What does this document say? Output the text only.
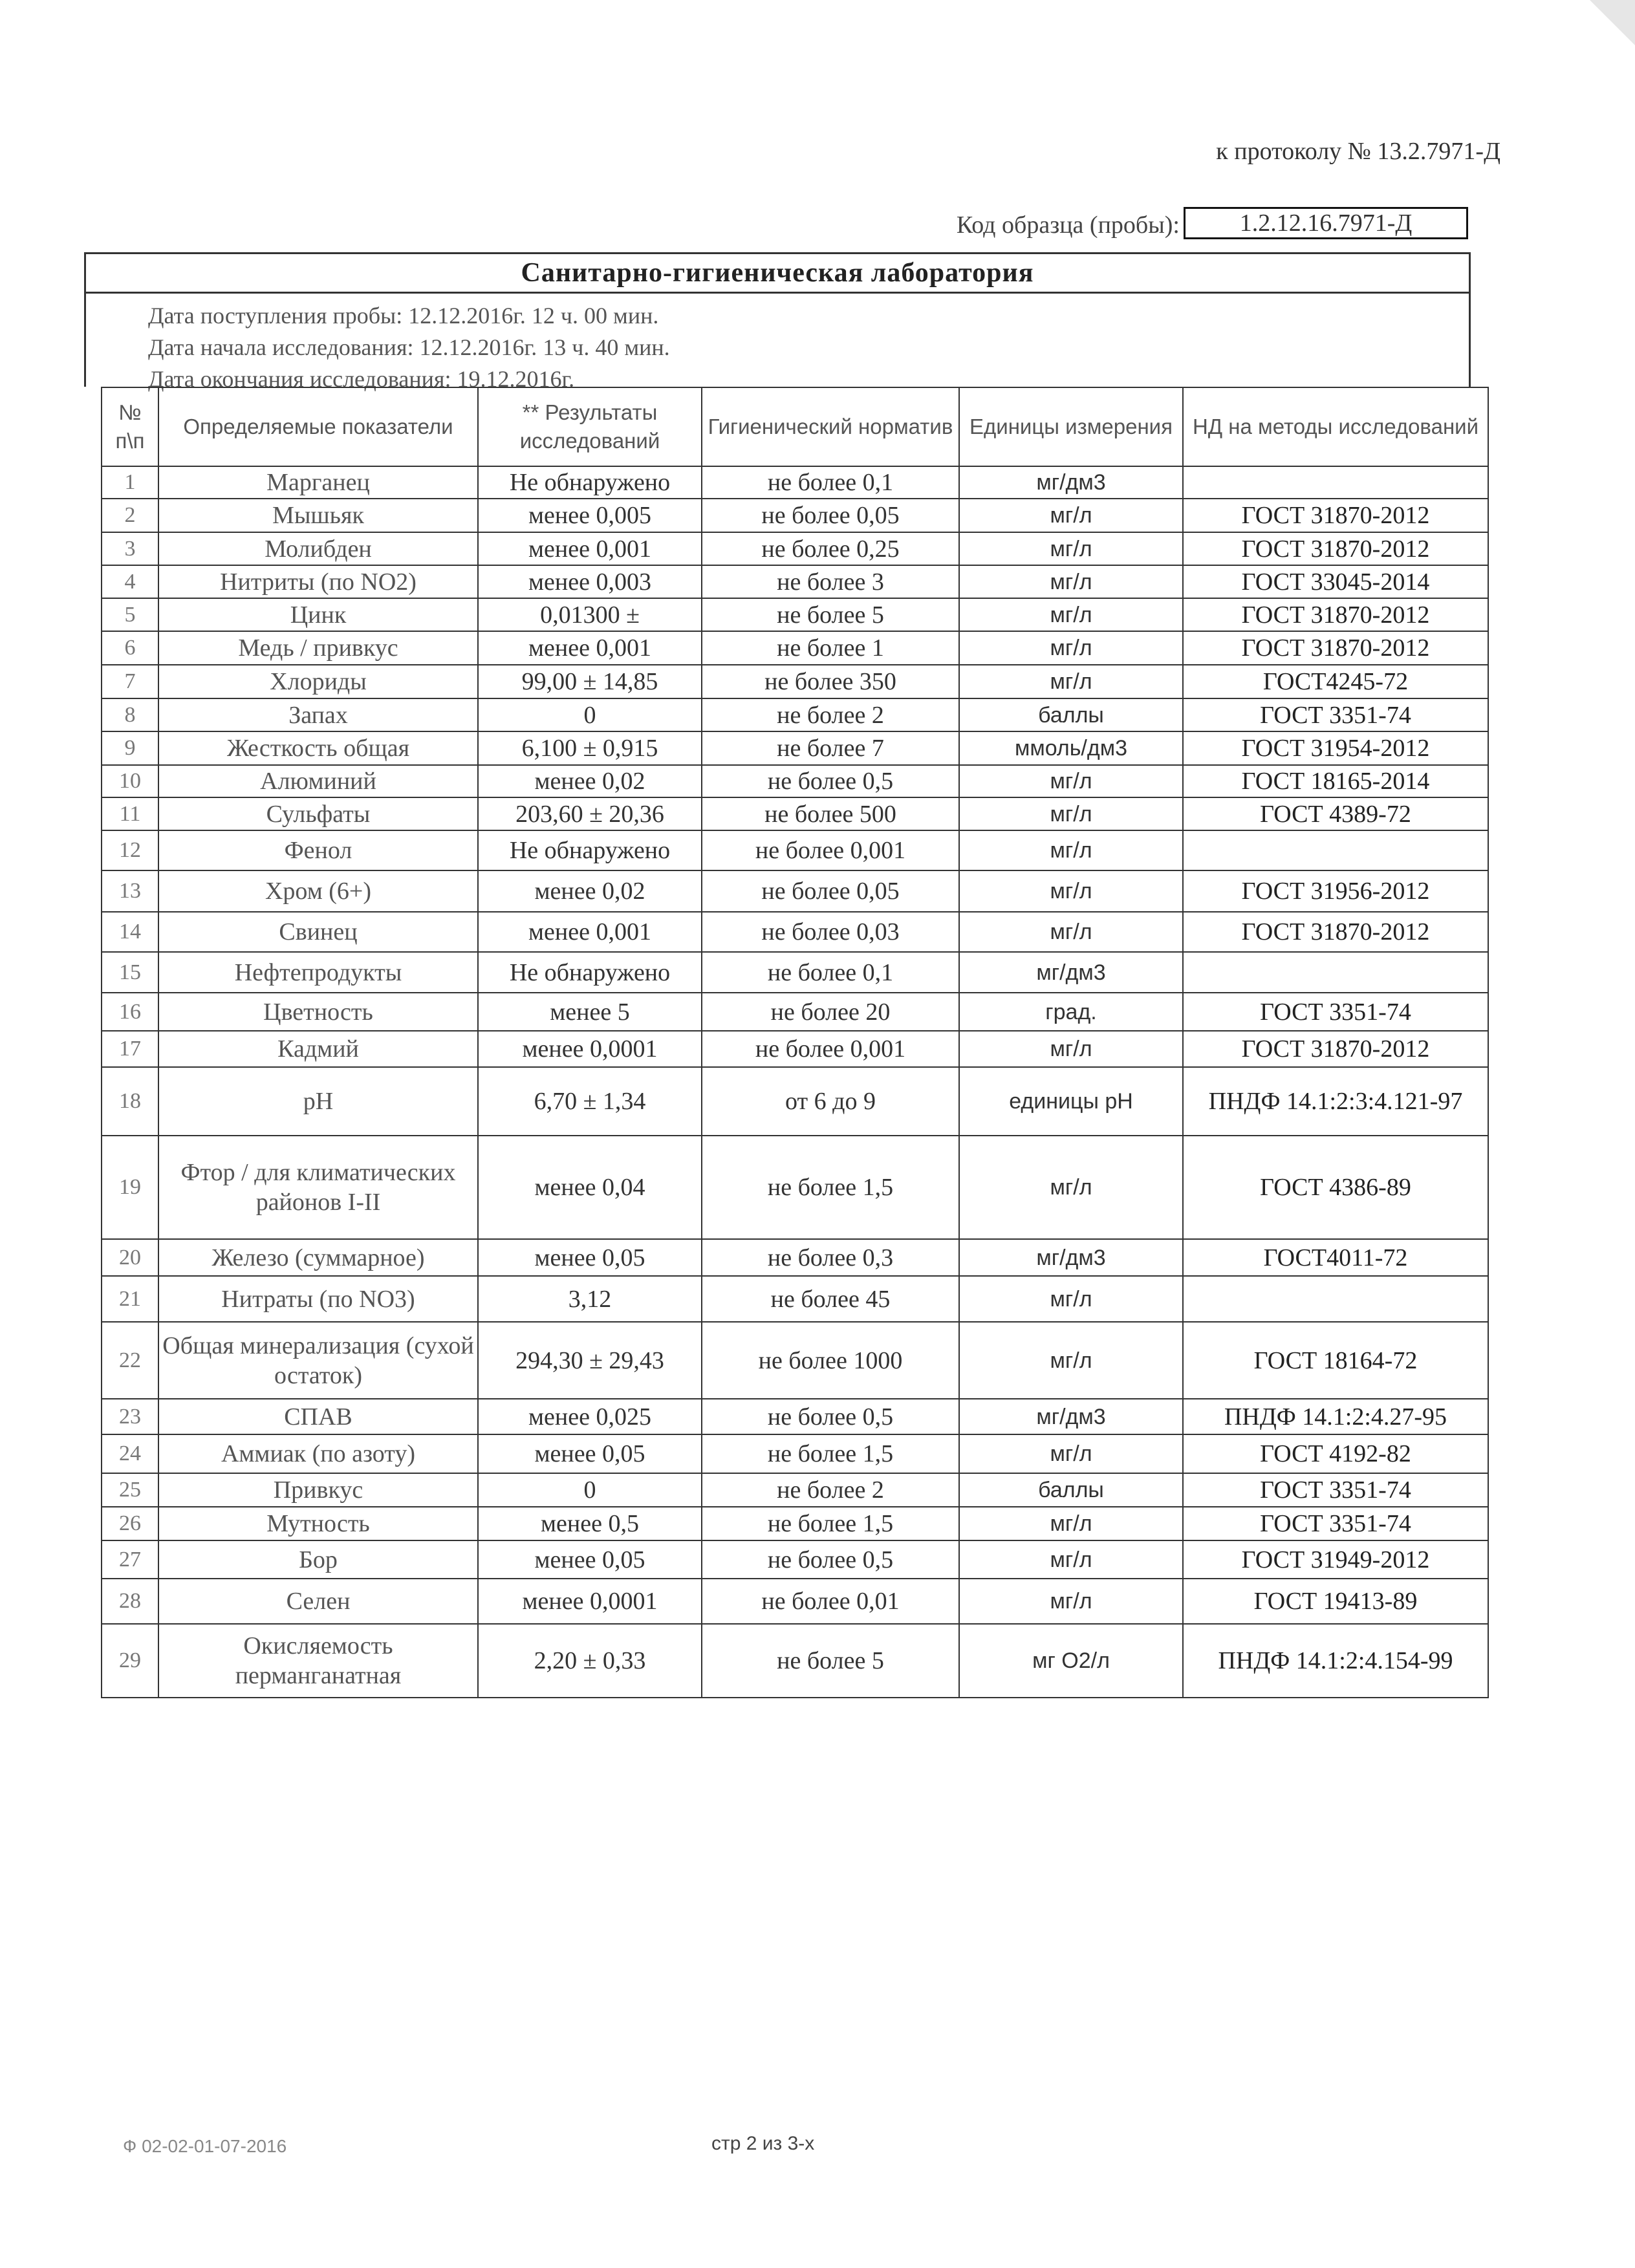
к протоколу № 13.2.7971-Д
Код образца (пробы):	1.2.12.16.7971-Д
Санитарно-гигиеническая лаборатория
Дата поступления пробы: 12.12.2016г. 12 ч. 00 мин.
Дата начала исследования: 12.12.2016г. 13 ч. 40 мин.
Дата окончания исследования: 19.12.2016г.
№ п\п	Определяемые показатели	** Результаты исследований	Гигиенический норматив	Единицы измерения	НД на методы исследований
1	Марганец	Не обнаружено	не более 0,1	мг/дм3	
2	Мышьяк	менее 0,005	не более 0,05	мг/л	ГОСТ 31870-2012
3	Молибден	менее 0,001	не более 0,25	мг/л	ГОСТ 31870-2012
4	Нитриты (по NO2)	менее 0,003	не более 3	мг/л	ГОСТ 33045-2014
5	Цинк	0,01300 ±	не более 5	мг/л	ГОСТ 31870-2012
6	Медь / привкус	менее 0,001	не более 1	мг/л	ГОСТ 31870-2012
7	Хлориды	99,00 ± 14,85	не более 350	мг/л	ГОСТ4245-72
8	Запах	0	не более 2	баллы	ГОСТ 3351-74
9	Жесткость общая	6,100 ± 0,915	не более 7	ммоль/дм3	ГОСТ 31954-2012
10	Алюминий	менее 0,02	не более 0,5	мг/л	ГОСТ 18165-2014
11	Сульфаты	203,60 ± 20,36	не более 500	мг/л	ГОСТ 4389-72
12	Фенол	Не обнаружено	не более 0,001	мг/л	
13	Хром (6+)	менее 0,02	не более 0,05	мг/л	ГОСТ 31956-2012
14	Свинец	менее 0,001	не более 0,03	мг/л	ГОСТ 31870-2012
15	Нефтепродукты	Не обнаружено	не более 0,1	мг/дм3	
16	Цветность	менее 5	не более 20	град.	ГОСТ 3351-74
17	Кадмий	менее 0,0001	не более 0,001	мг/л	ГОСТ 31870-2012
18	pH	6,70 ± 1,34	от 6 до 9	единицы pH	ПНДФ 14.1:2:3:4.121-97
19	Фтор / для климатических районов I-II	менее 0,04	не более 1,5	мг/л	ГОСТ 4386-89
20	Железо (суммарное)	менее 0,05	не более 0,3	мг/дм3	ГОСТ4011-72
21	Нитраты (по NO3)	3,12	не более 45	мг/л	
22	Общая минерализация (сухой остаток)	294,30 ± 29,43	не более 1000	мг/л	ГОСТ 18164-72
23	СПАВ	менее 0,025	не более 0,5	мг/дм3	ПНДФ 14.1:2:4.27-95
24	Аммиак (по азоту)	менее 0,05	не более 1,5	мг/л	ГОСТ 4192-82
25	Привкус	0	не более 2	баллы	ГОСТ 3351-74
26	Мутность	менее 0,5	не более 1,5	мг/л	ГОСТ 3351-74
27	Бор	менее 0,05	не более 0,5	мг/л	ГОСТ 31949-2012
28	Селен	менее 0,0001	не более 0,01	мг/л	ГОСТ 19413-89
29	Окисляемость перманганатная	2,20 ± 0,33	не более 5	мг О2/л	ПНДФ 14.1:2:4.154-99
Ф 02-02-01-07-2016	стр 2 из 3-х
